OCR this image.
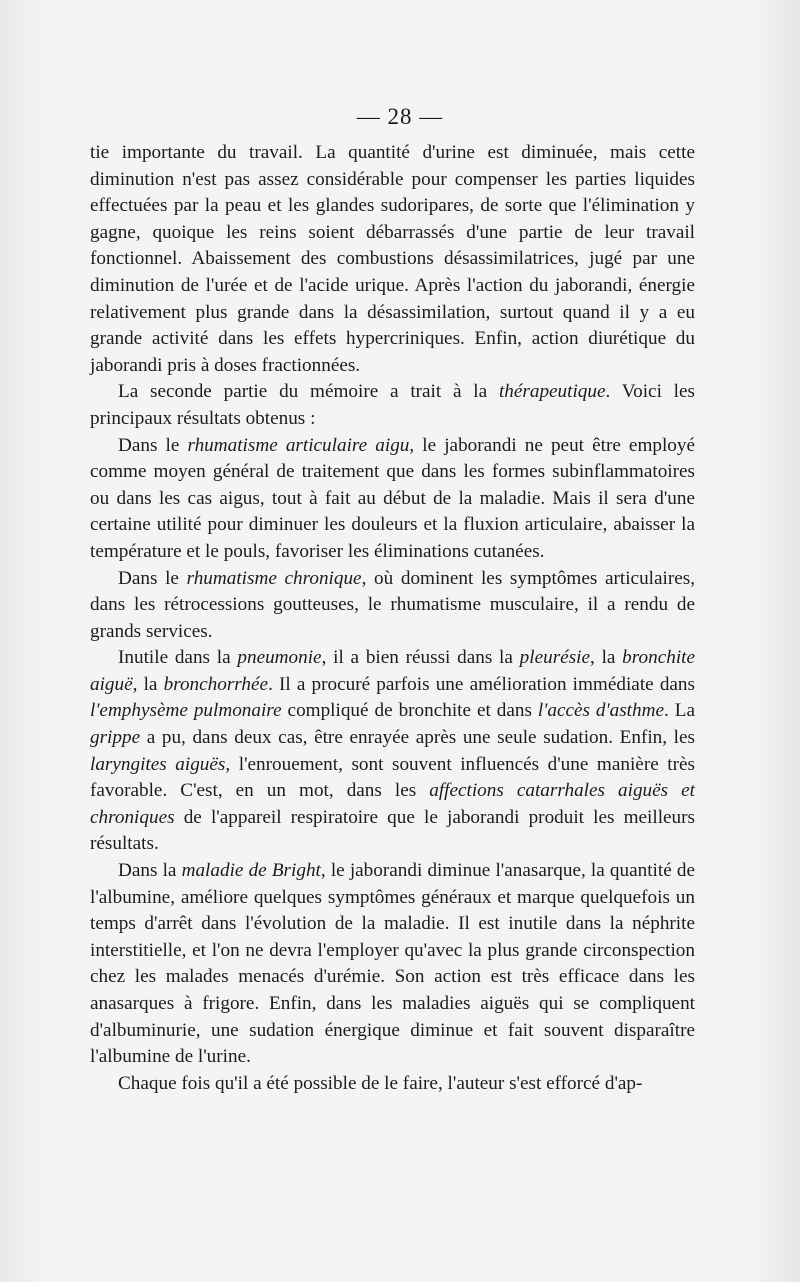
— 28 —

tie importante du travail. La quantité d'urine est diminuée, mais cette diminution n'est pas assez considérable pour compenser les parties liquides effectuées par la peau et les glandes sudoripares, de sorte que l'élimination y gagne, quoique les reins soient débarrassés d'une partie de leur travail fonctionnel. Abaissement des combustions désassimilatrices, jugé par une diminution de l'urée et de l'acide urique. Après l'action du jaborandi, énergie relativement plus grande dans la désassimilation, surtout quand il y a eu grande activité dans les effets hypercriniques. Enfin, action diurétique du jaborandi pris à doses fractionnées.

La seconde partie du mémoire a trait à la thérapeutique. Voici les principaux résultats obtenus :

Dans le rhumatisme articulaire aigu, le jaborandi ne peut être employé comme moyen général de traitement que dans les formes subinflammatoires ou dans les cas aigus, tout à fait au début de la maladie. Mais il sera d'une certaine utilité pour diminuer les douleurs et la fluxion articulaire, abaisser la température et le pouls, favoriser les éliminations cutanées.

Dans le rhumatisme chronique, où dominent les symptômes articulaires, dans les rétrocessions goutteuses, le rhumatisme musculaire, il a rendu de grands services.

Inutile dans la pneumonie, il a bien réussi dans la pleurésie, la bronchite aiguë, la bronchorrhée. Il a procuré parfois une amélioration immédiate dans l'emphysème pulmonaire compliqué de bronchite et dans l'accès d'asthme. La grippe a pu, dans deux cas, être enrayée après une seule sudation. Enfin, les laryngites aiguës, l'enrouement, sont souvent influencés d'une manière très favorable. C'est, en un mot, dans les affections catarrhales aiguës et chroniques de l'appareil respiratoire que le jaborandi produit les meilleurs résultats.

Dans la maladie de Bright, le jaborandi diminue l'anasarque, la quantité de l'albumine, améliore quelques symptômes généraux et marque quelquefois un temps d'arrêt dans l'évolution de la maladie. Il est inutile dans la néphrite interstitielle, et l'on ne devra l'employer qu'avec la plus grande circonspection chez les malades menacés d'urémie. Son action est très efficace dans les anasarques à frigore. Enfin, dans les maladies aiguës qui se compliquent d'albuminurie, une sudation énergique diminue et fait souvent disparaître l'albumine de l'urine.

Chaque fois qu'il a été possible de le faire, l'auteur s'est efforcé d'ap-
